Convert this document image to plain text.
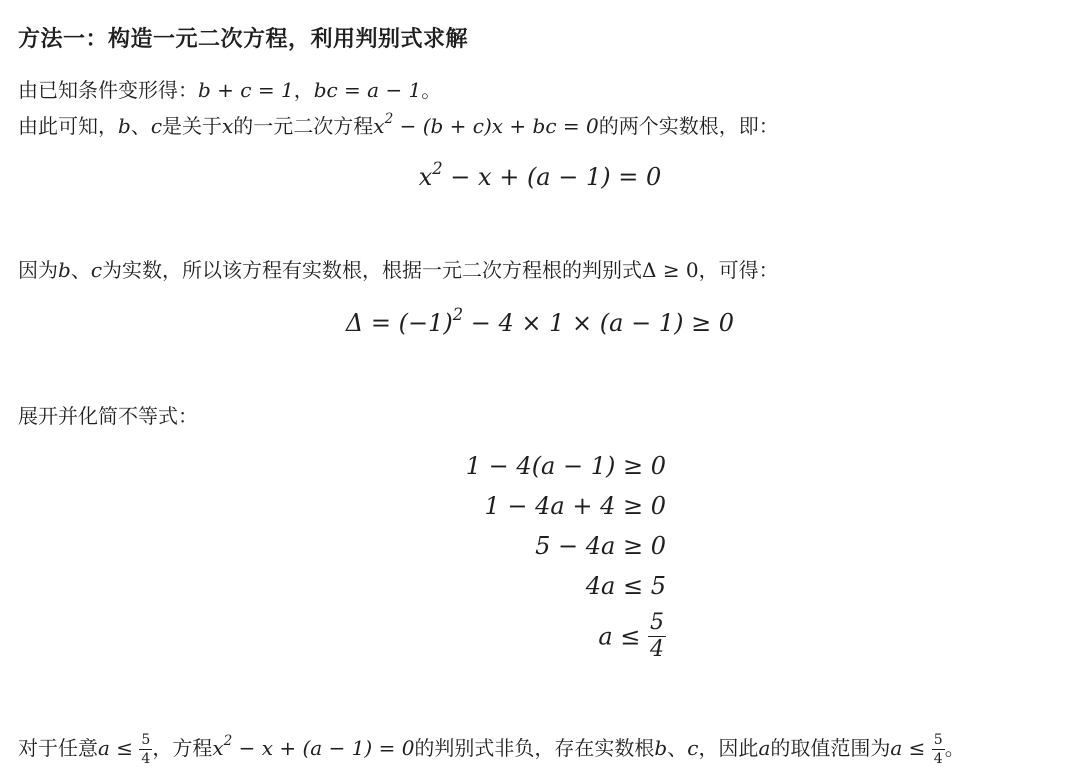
方法一：构造一元二次方程，利用判别式求解
由已知条件变形得：b + c = 1，bc = a − 1。
由此可知，b、c是关于x的一元二次方程$x^2 - (b + c)x$ + bc = 0的两个实数根，即：
$x^2 - x + (a - 1) = 0$
因为b、c为实数，所以该方程有实数根，根据一元二次方程根的判别式Δ ≥ 0，可得：
$\Delta = (-1)^2 - 4 \times 1 \times (a - 1) \ge 0$
展开并化简不等式：
1 − 4(a − 1) ≥ 0
1 − 4a + 4 ≥ 0
5 − 4a ≥ 0
4a ≤ 5
$a \le \frac{5}{4}$
对于任意$a \le \frac{5}{4}$ ，方程$x^2 - x + (a - 1) = 0$的判别式非负，存在实数根b、c，因此a的取值范围为$a \le \frac{5}{4}$ 。
